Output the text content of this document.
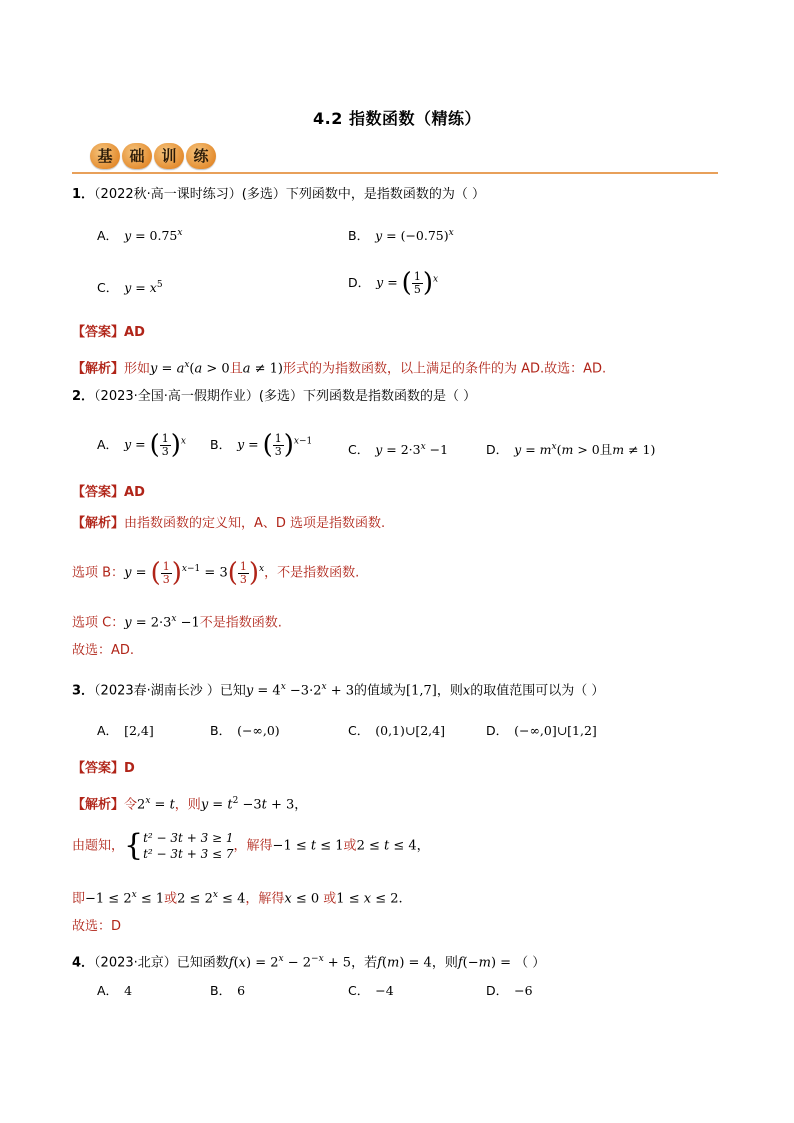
4.2 指数函数（精练）
基	础	训	练
1．（2022秋·高一课时练习）(多选）下列函数中，是指数函数的为（ ）
A． $y = 0.75^x$	B． $y = (-0.75)^x$
C． $y = x^5$	D． y = ( $\frac{1}{5} )^x$
【答案】AD
【解析】形如$y = a^x(a > 0$且a ≠ 1)形式的为指数函数，以上满足的条件的为 AD.故选：AD.
2．（2023·全国·高一假期作业）(多选）下列函数是指数函数的是（ ）
A． y = ( $\frac{1}{3} )^x$ B． y = ( $\frac{1}{3} )^{x-1}$
C． $y = 2\cdot 3^x -1$	D． $y = m^x(m > 0$且m ≠ 1)
【答案】AD
【解析】由指数函数的定义知，A、D 选项是指数函数.
选项 B：y = ( $\frac{1}{3} )^{x-1} = 3( \frac{1}{3} )^x$，不是指数函数.
选项 C：$y = 2\cdot 3^x -1$不是指数函数.
故选：AD.
3．（2023春·湖南长沙 ）已知$y = 4^x -3\cdot 2^x + 3$的值域为[1,7]，则x的取值范围可以为（ ）
A． [2,4]	B． (−∞,0)	C． (0,1)∪[2,4]	D． (−∞,0]∪[1,2]
【答案】D
【解析】令$2^x = t$，则$y = t^2 -3t + 3$，
由题知，{ t² − 3t + 3 ≥ 1
t² − 3t + 3 ≤ 7
，解得−1 ≤ t ≤ 1或2 ≤ t ≤ 4，
即$-1 \le 2^x \le 1$或$2 \le 2^x \le 4$，解得x ≤ 0 或1 ≤ x ≤ 2.
故选：D
4．（2023·北京）已知函数$f(x) = 2^x - 2^{-x} + 5$，若f(m) = 4，则f(−m) = （ ）
A． 4	B． 6	C． −4	D． −6
